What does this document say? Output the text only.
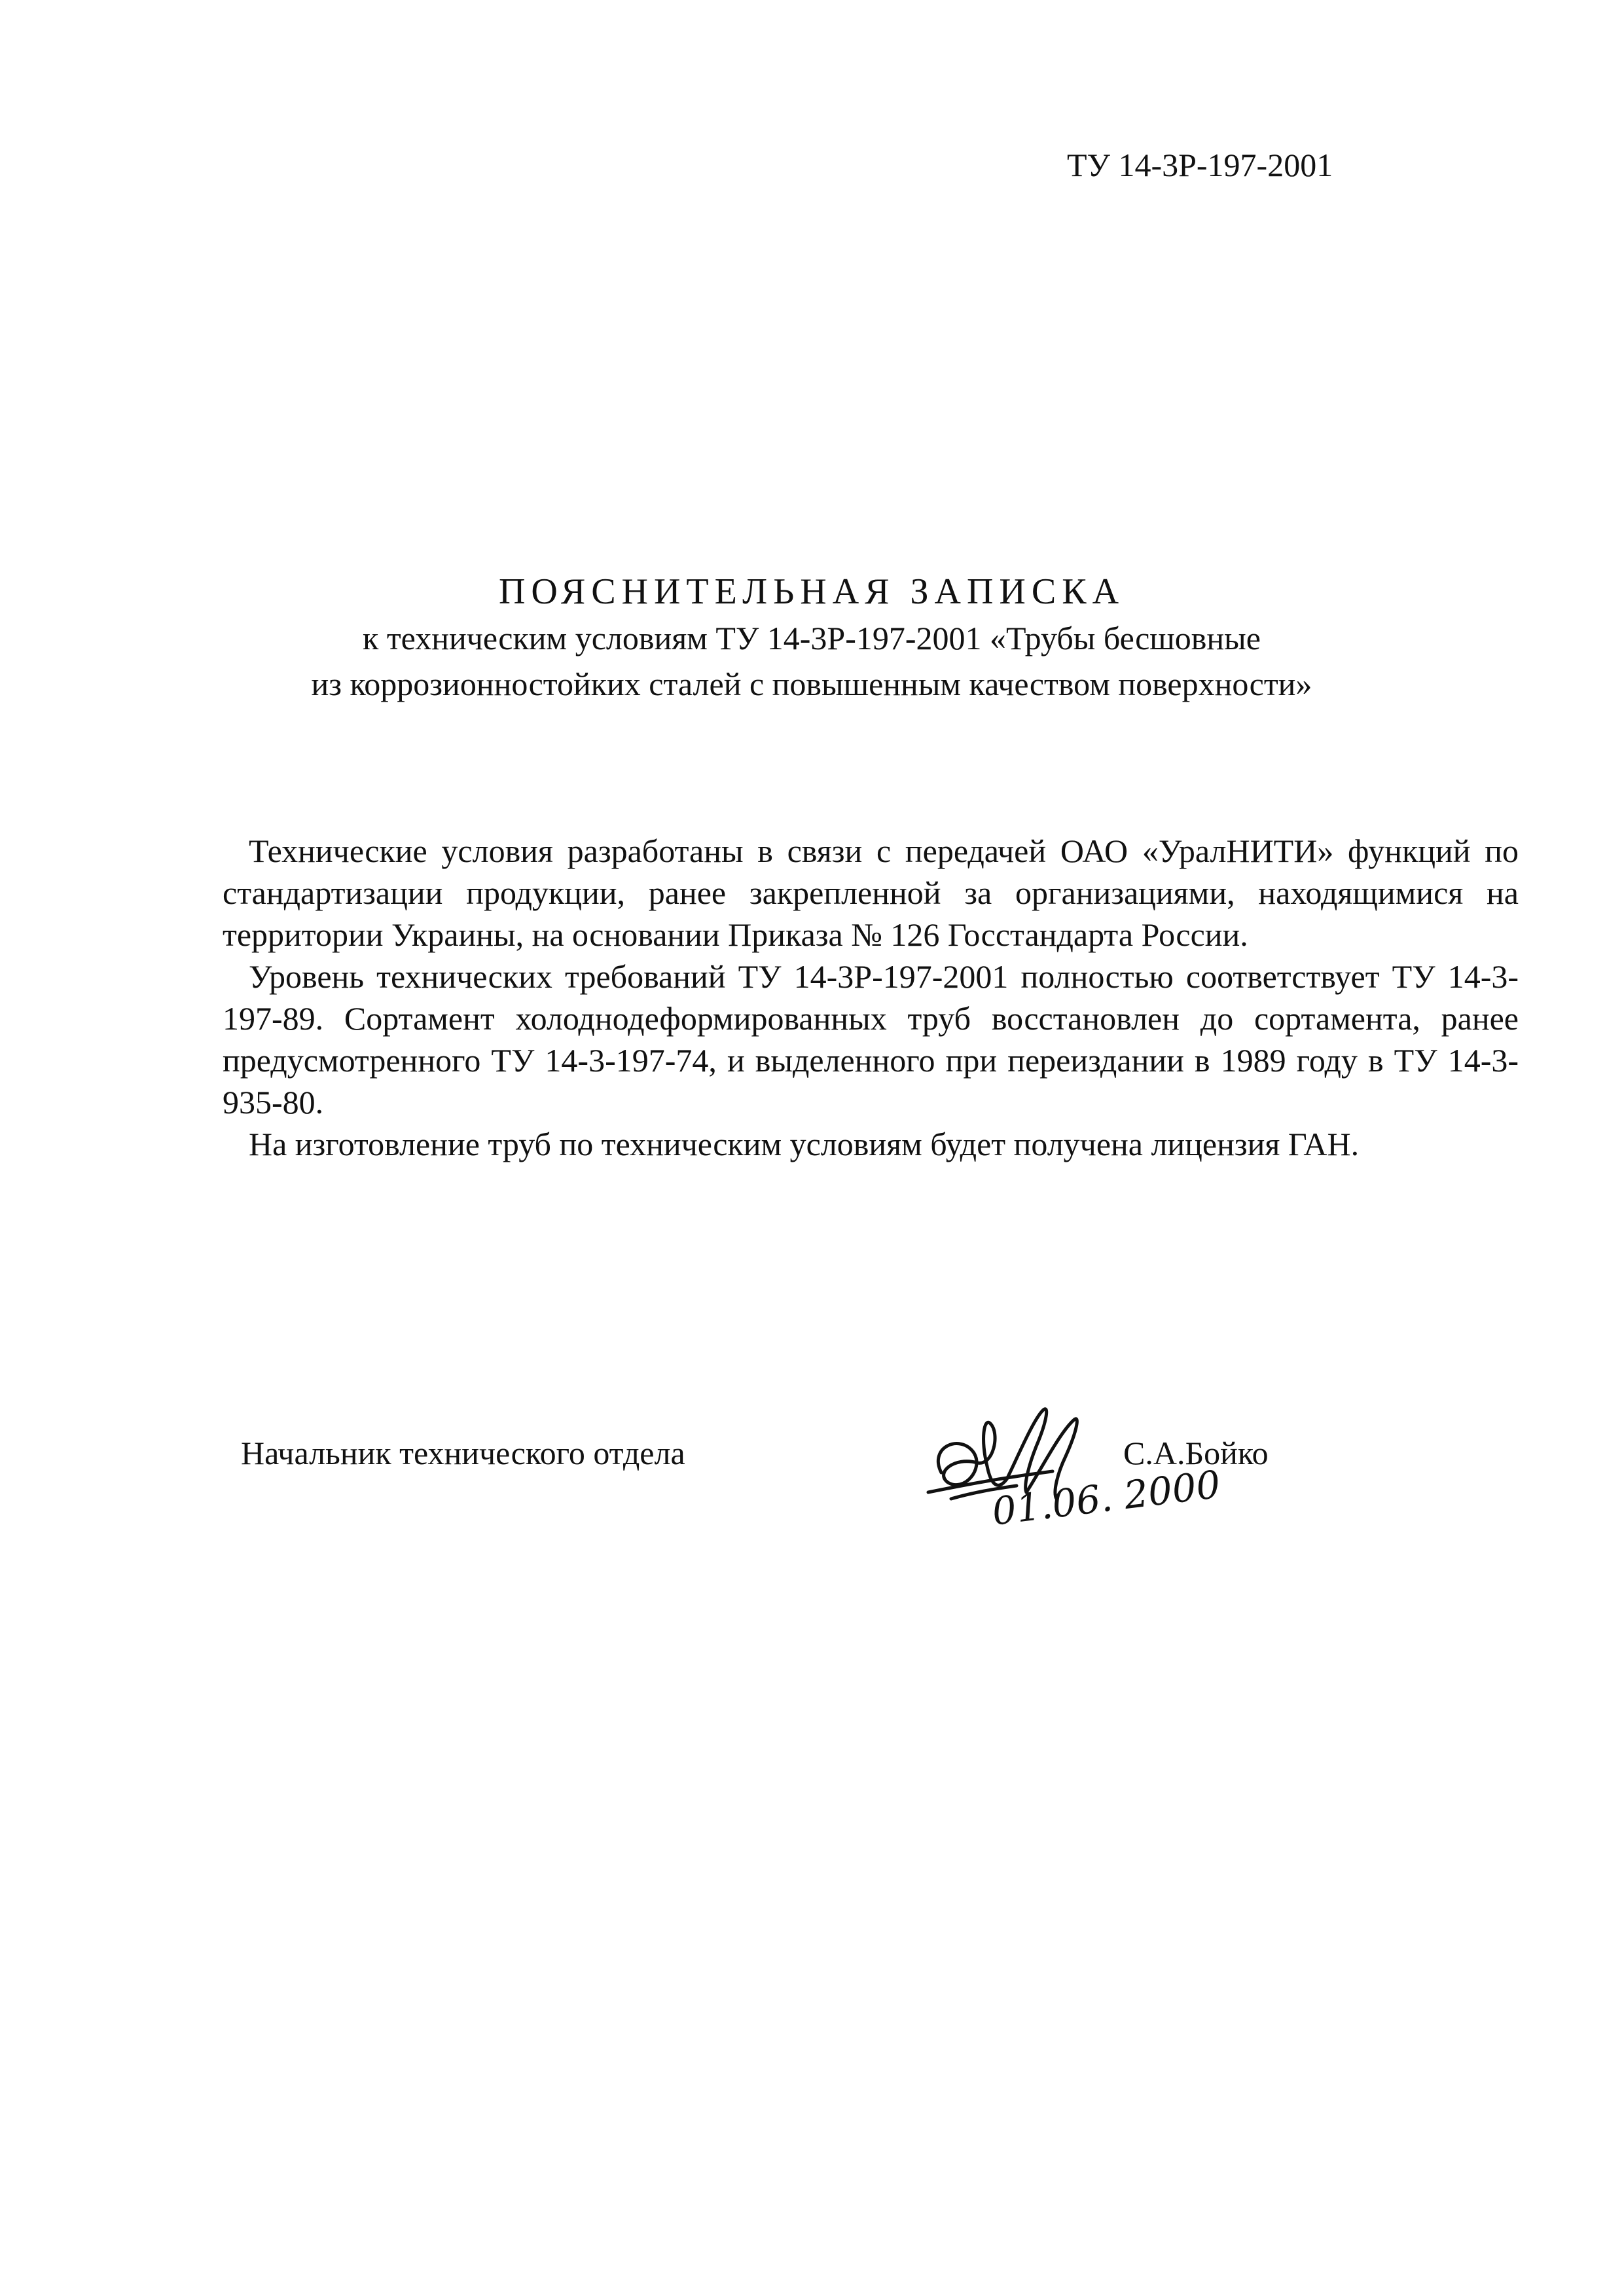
ТУ 14-3Р-197-2001
ПОЯСНИТЕЛЬНАЯ ЗАПИСКА
к техническим условиям ТУ 14-3Р-197-2001 «Трубы бесшовные
из коррозионностойких сталей с повышенным качеством поверхности»

Технические условия разработаны в связи с передачей ОАО «УралНИТИ» функций по стандартизации продукции, ранее закрепленной за организациями, находящимися на территории Украины, на основании Приказа № 126 Госстандарта России.

Уровень технических требований ТУ 14-3Р-197-2001 полностью соответствует ТУ 14-3-197-89. Сортамент холоднодеформированных труб восстановлен до сортамента, ранее предусмотренного ТУ 14-3-197-74, и выделенного при переиздании в 1989 году в ТУ 14-3-935-80.

На изготовление труб по техническим условиям будет получена лицензия ГАН.

Начальник технического отдела	С.А.Бойко
01.06. 2000
